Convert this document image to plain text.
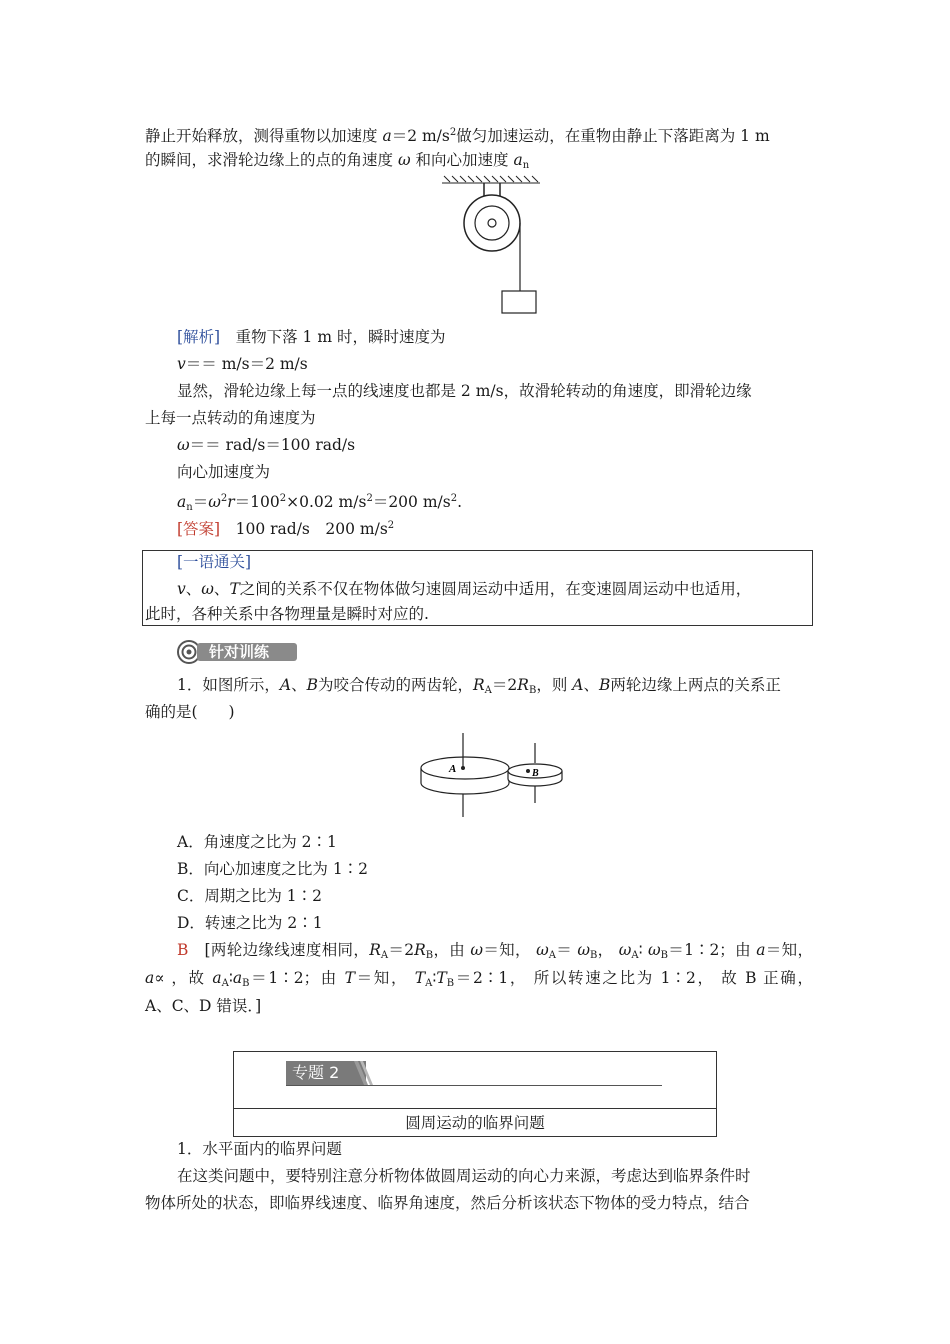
静止开始释放，测得重物以加速度 a＝2 $m/s^2$做匀加速运动，在重物由静止下落距离为 1 m
的瞬间，求滑轮边缘上的点的角速度 ω 和向心加速度 $a_n$
[解析]　 重物下落 1 m 时，瞬时速度为
v＝＝ m/s＝2 m/s
显然，滑轮边缘上每一点的线速度也都是 2 m/s，故滑轮转动的角速度，即滑轮边缘
上每一点转动的角速度为
ω＝＝ rad/s＝100 rad/s
向心加速度为
$a_n=\omega^2r=100^2\times 0.02$ $m/s^2=200$ $m/s^2$.
[答案]　 100 rad/s　200 $m/s^2$
[一语通关]
v、ω、T之间的关系不仅在物体做匀速圆周运动中适用，在变速圆周运动中也适用，
此时，各种关系中各物理量是瞬时对应的.
针对训练
1．如图所示，A、B为咬合传动的两齿轮，$R_A=2R_B$，则 A、B两轮边缘上两点的关系正
确的是(　　)
A	B
A．角速度之比为 2∶1
B．向心加速度之比为 1∶2
C．周期之比为 1∶2
D．转速之比为 2∶1
B　 [两轮边缘线速度相同，$R_A=2R_B$，由 ω＝知， $\omega_A= \omega_B$， $\omega_A∶$ $\omega_B=1∶2$；由 a＝知，
a∝ ，故 $a_A∶a_B=1∶2$；由 T＝知， $T_A∶T_B=2∶1$， 所以转速之比为 1∶2， 故 B 正确，
A、C、D 错误．]
专题 2
圆周运动的临界问题
1．水平面内的临界问题
在这类问题中，要特别注意分析物体做圆周运动的向心力来源，考虑达到临界条件时
物体所处的状态，即临界线速度、临界角速度，然后分析该状态下物体的受力特点，结合
